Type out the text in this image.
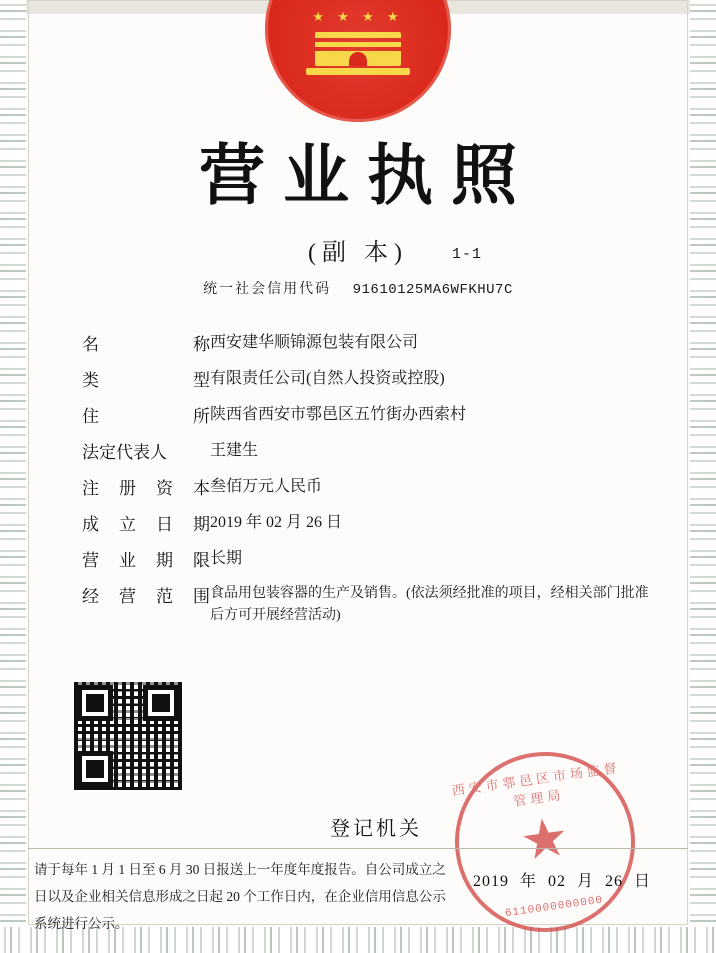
★ ★ ★ ★
营业执照
(副 本)	1-1
统一社会信用代码 91610125MA6WFKHU7C
名	称 西安建华顺锦源包装有限公司
类	型 有限责任公司(自然人投资或控股)
住	所 陕西省西安市鄠邑区五竹街办西索村
法定代表人	王建生
注 册 资 本 叁佰万元人民币
成 立 日 期 2019 年 02 月 26 日
营 业 期 限 长期
经 营 范 围 食品用包装容器的生产及销售。(依法须经批准的项目，经相关部门批准后方可开展经营活动)
登记机关
西安市鄠邑区市场监督管理局
★
6110000000000
2019 年 02 月 26 日
请于每年 1 月 1 日至 6 月 30 日报送上一年度年度报告。自公司成立之日以及企业相关信息形成之日起 20 个工作日内，在企业信用信息公示系统进行公示。
